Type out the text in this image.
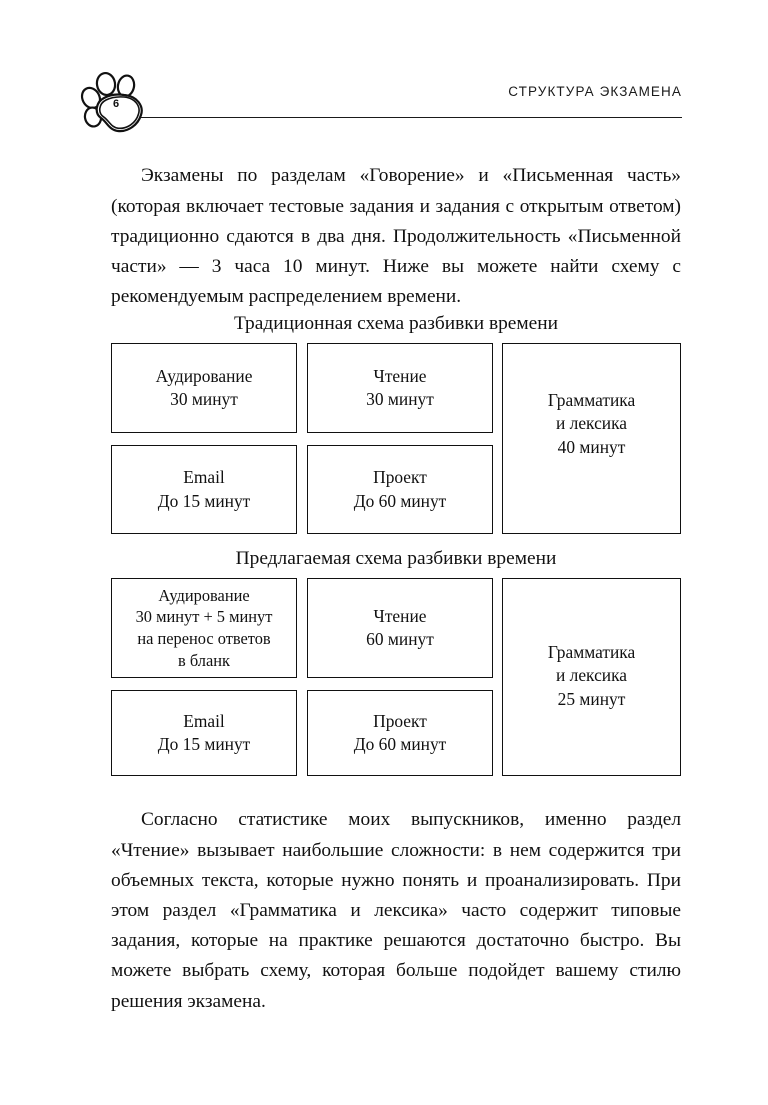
6
СТРУКТУРА ЭКЗАМЕНА

Экзамены по разделам «Говорение» и «Письменная часть» (которая включает тестовые задания и задания с открытым ответом) традиционно сдаются в два дня. Продолжительность «Письменной части» — 3 часа 10 минут. Ниже вы можете найти схему с рекомендуемым распределением времени.

Традиционная схема разбивки времени
Аудирование
30 минут
Чтение
30 минут
Email
До 15 минут
Проект
До 60 минут
Грамматика
и лексика
40 минут
Предлагаемая схема разбивки времени
Аудирование
30 минут + 5 минут
на перенос ответов
в бланк
Чтение
60 минут
Email
До 15 минут
Проект
До 60 минут
Грамматика
и лексика
25 минут

Согласно статистике моих выпускников, именно раздел «Чтение» вызывает наибольшие сложности: в нем содержится три объемных текста, которые нужно понять и проанализировать. При этом раздел «Грамматика и лексика» часто содержит типовые задания, которые на практике решаются достаточно быстро. Вы можете выбрать схему, которая больше подойдет вашему стилю решения экзамена.
